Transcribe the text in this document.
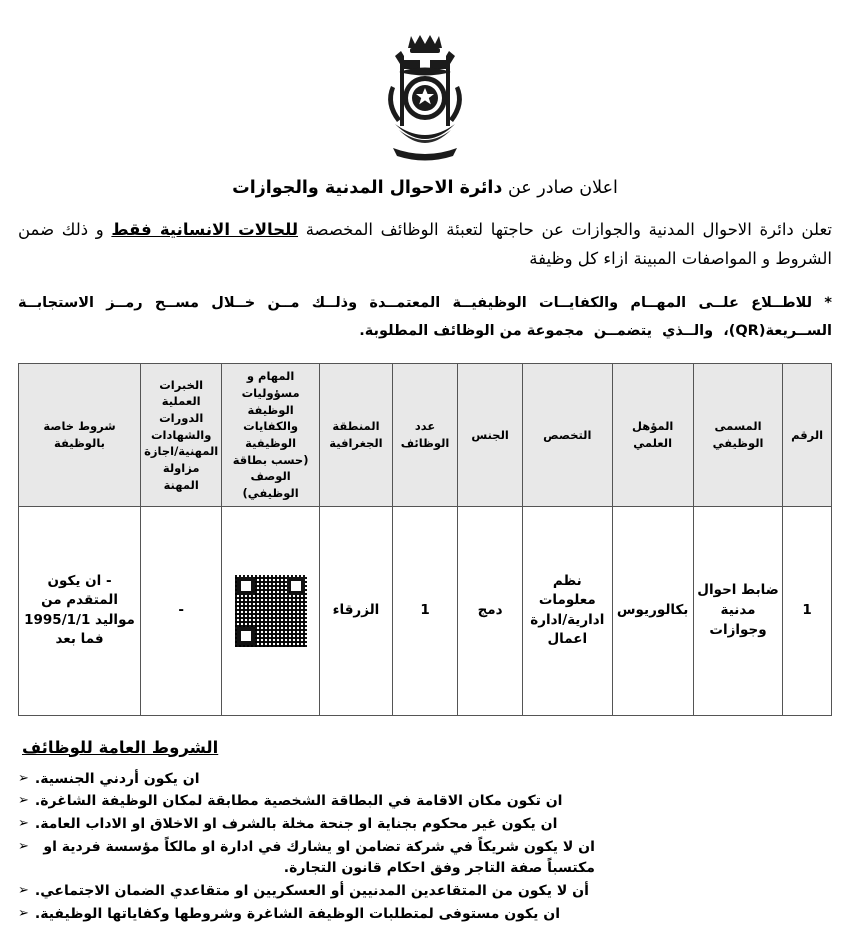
اعلان صادر عن دائرة الاحوال المدنية والجوازات

تعلن دائرة الاحوال المدنية والجوازات عن حاجتها لتعبئة الوظائف المخصصة للحالات الانسانية فقط و ذلك ضمن الشروط و المواصفات المبينة ازاء كل وظيفة

* للاطــلاع علــى المهــام والكفايــات الوظيفيــة المعتمــدة وذلــك مــن خــلال مســح رمــز الاستجابــة الســريعة(QR)، والــذي يتضمــن مجموعة من الوظائف المطلوبة.

الرقم	المسمى الوظيفي	المؤهل العلمي	التخصص	الجنس	عدد الوظائف	المنطقة الجغرافية	المهام و مسؤوليات الوظيفة والكفايات الوظيفية (حسب بطاقة الوصف الوظيفي)	الخبرات العملية الدورات والشهادات المهنية/اجازة مزاولة المهنة	شروط خاصة بالوظيفة
1	ضابط احوال مدنية وجوازات	بكالوريوس	نظم معلومات ادارية/ادارة اعمال	دمج	1	الزرقاء		-	- ان يكون المتقدم من مواليد 1995/1/1 فما بعد
الشروط العامة للوظائف
ان يكون أردني الجنسية.
➢
ان تكون مكان الاقامة في البطاقة الشخصية مطابقة لمكان الوظيفة الشاغرة.
➢
ان يكون غير محكوم بجناية او جنحة مخلة بالشرف او الاخلاق او الاداب العامة.
➢
ان لا يكون شريكاً في شركة تضامن او يشارك في ادارة او مالكاً مؤسسة فردية او مكتسباً صفة التاجر وفق احكام قانون التجارة.
➢
أن لا يكون من المتقاعدين المدنيين أو العسكريين او متقاعدي الضمان الاجتماعي.
➢
ان يكون مستوفى لمتطلبات الوظيفة الشاغرة وشروطها وكفاياتها الوظيفية.
➢
